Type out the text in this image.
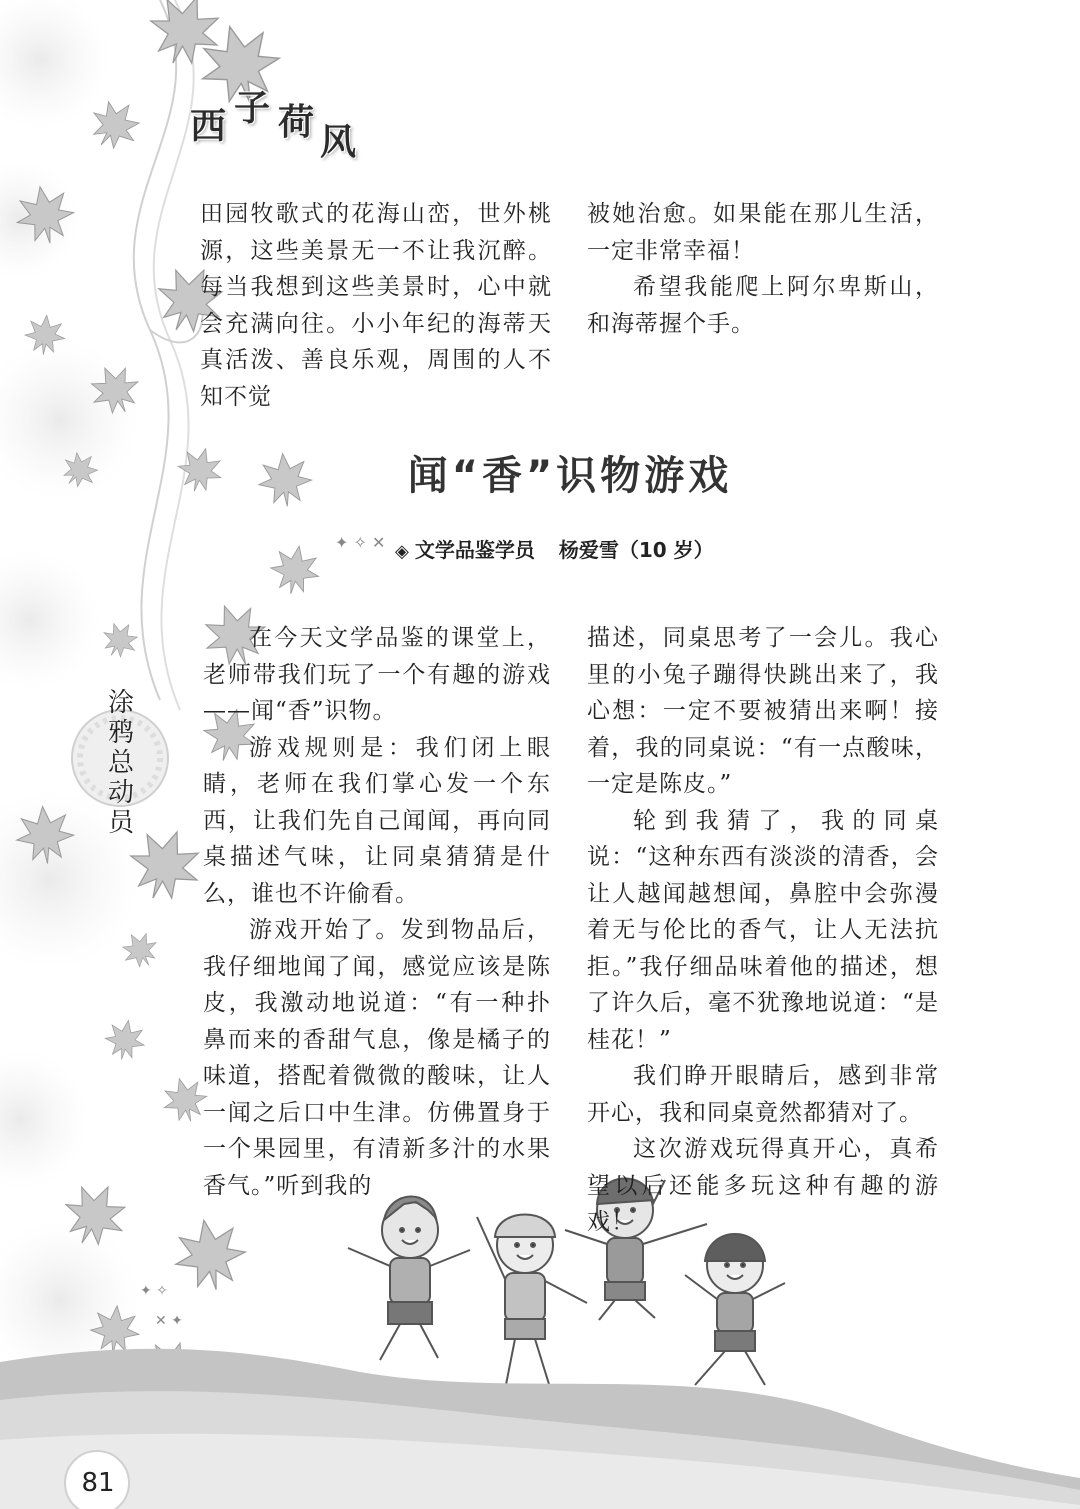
✦ ✧ ✕
✦ ✧
✕ ✦
西 子 荷 风

田园牧歌式的花海山峦，世外桃源，这些美景无一不让我沉醉。每当我想到这些美景时，心中就会充满向往。小小年纪的海蒂天真活泼、善良乐观，周围的人不知不觉

被她治愈。如果能在那儿生活，一定非常幸福！

希望我能爬上阿尔卑斯山，和海蒂握个手。

闻“香”识物游戏
◈ 文学品鉴学员 杨爱雪（10 岁）

在今天文学品鉴的课堂上，老师带我们玩了一个有趣的游戏——闻“香”识物。

游戏规则是：我们闭上眼睛，老师在我们掌心发一个东西，让我们先自己闻闻，再向同桌描述气味，让同桌猜猜是什么，谁也不许偷看。

游戏开始了。发到物品后，我仔细地闻了闻，感觉应该是陈皮，我激动地说道：“有一种扑鼻而来的香甜气息，像是橘子的味道，搭配着微微的酸味，让人一闻之后口中生津。仿佛置身于一个果园里，有清新多汁的水果香气。”听到我的

描述，同桌思考了一会儿。我心里的小兔子蹦得快跳出来了，我心想：一定不要被猜出来啊！接着，我的同桌说：“有一点酸味，一定是陈皮。”

轮到我猜了，我的同桌说：“这种东西有淡淡的清香，会让人越闻越想闻，鼻腔中会弥漫着无与伦比的香气，让人无法抗拒。”我仔细品味着他的描述，想了许久后，毫不犹豫地说道：“是桂花！”

我们睁开眼睛后，感到非常开心，我和同桌竟然都猜对了。

这次游戏玩得真开心，真希望以后还能多玩这种有趣的游戏！

涂鸦总动员
81
